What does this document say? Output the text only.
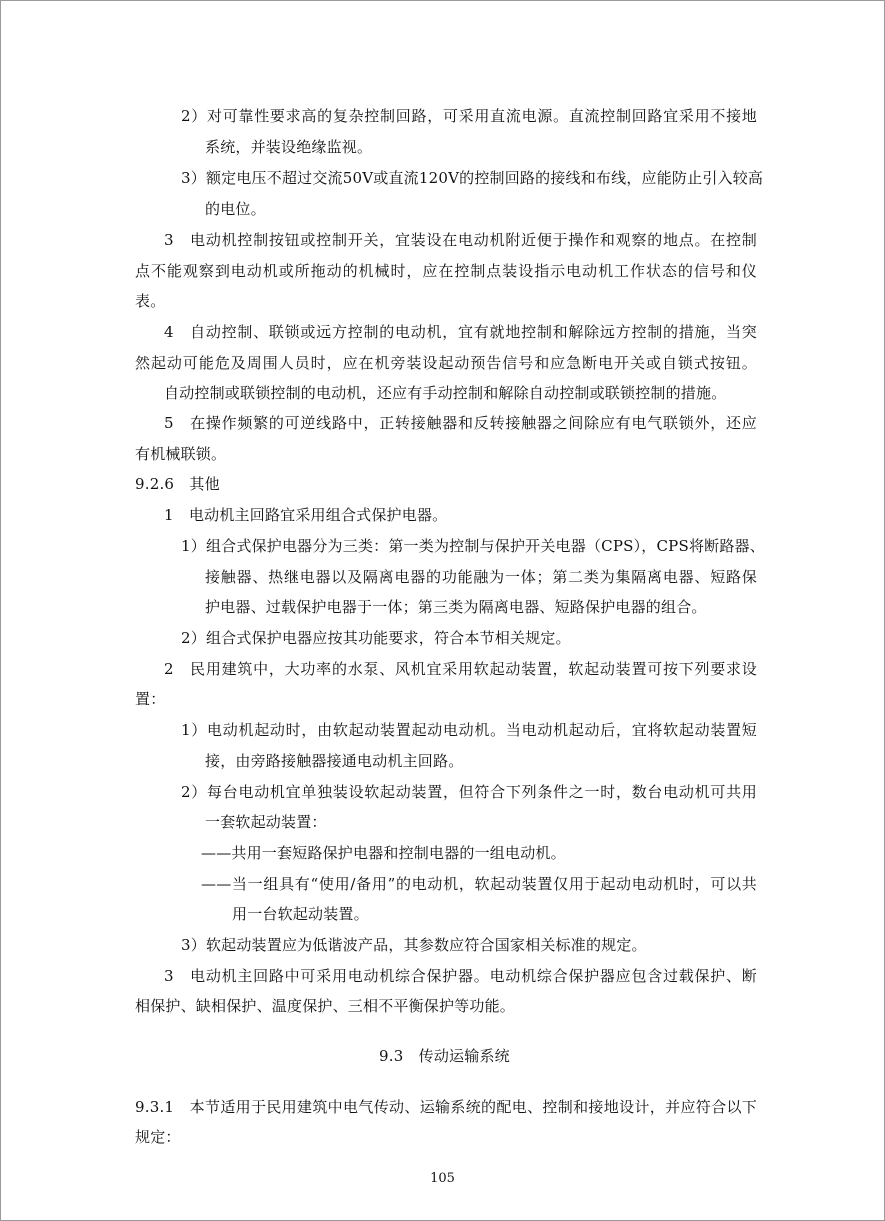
2）对可靠性要求高的复杂控制回路，可采用直流电源。直流控制回路宜采用不接地

系统，并装设绝缘监视。

3）额定电压不超过交流50V或直流120V的控制回路的接线和布线，应能防止引入较高

的电位。

3　电动机控制按钮或控制开关，宜装设在电动机附近便于操作和观察的地点。在控制

点不能观察到电动机或所拖动的机械时，应在控制点装设指示电动机工作状态的信号和仪

表。

4　自动控制、联锁或远方控制的电动机，宜有就地控制和解除远方控制的措施，当突

然起动可能危及周围人员时，应在机旁装设起动预告信号和应急断电开关或自锁式按钮。

自动控制或联锁控制的电动机，还应有手动控制和解除自动控制或联锁控制的措施。

5　在操作频繁的可逆线路中，正转接触器和反转接触器之间除应有电气联锁外，还应

有机械联锁。

9.2.6　其他

1　电动机主回路宜采用组合式保护电器。

1）组合式保护电器分为三类：第一类为控制与保护开关电器（CPS），CPS将断路器、

接触器、热继电器以及隔离电器的功能融为一体；第二类为集隔离电器、短路保

护电器、过载保护电器于一体；第三类为隔离电器、短路保护电器的组合。

2）组合式保护电器应按其功能要求，符合本节相关规定。

2　民用建筑中，大功率的水泵、风机宜采用软起动装置，软起动装置可按下列要求设

置：

1）电动机起动时，由软起动装置起动电动机。当电动机起动后，宜将软起动装置短

接，由旁路接触器接通电动机主回路。

2）每台电动机宜单独装设软起动装置，但符合下列条件之一时，数台电动机可共用

一套软起动装置：

——共用一套短路保护电器和控制电器的一组电动机。

——当一组具有“使用/备用”的电动机，软起动装置仅用于起动电动机时，可以共

用一台软起动装置。

3）软起动装置应为低谐波产品，其参数应符合国家相关标准的规定。

3　电动机主回路中可采用电动机综合保护器。电动机综合保护器应包含过载保护、断

相保护、缺相保护、温度保护、三相不平衡保护等功能。

9.3　传动运输系统

9.3.1　本节适用于民用建筑中电气传动、运输系统的配电、控制和接地设计，并应符合以下

规定：

105
